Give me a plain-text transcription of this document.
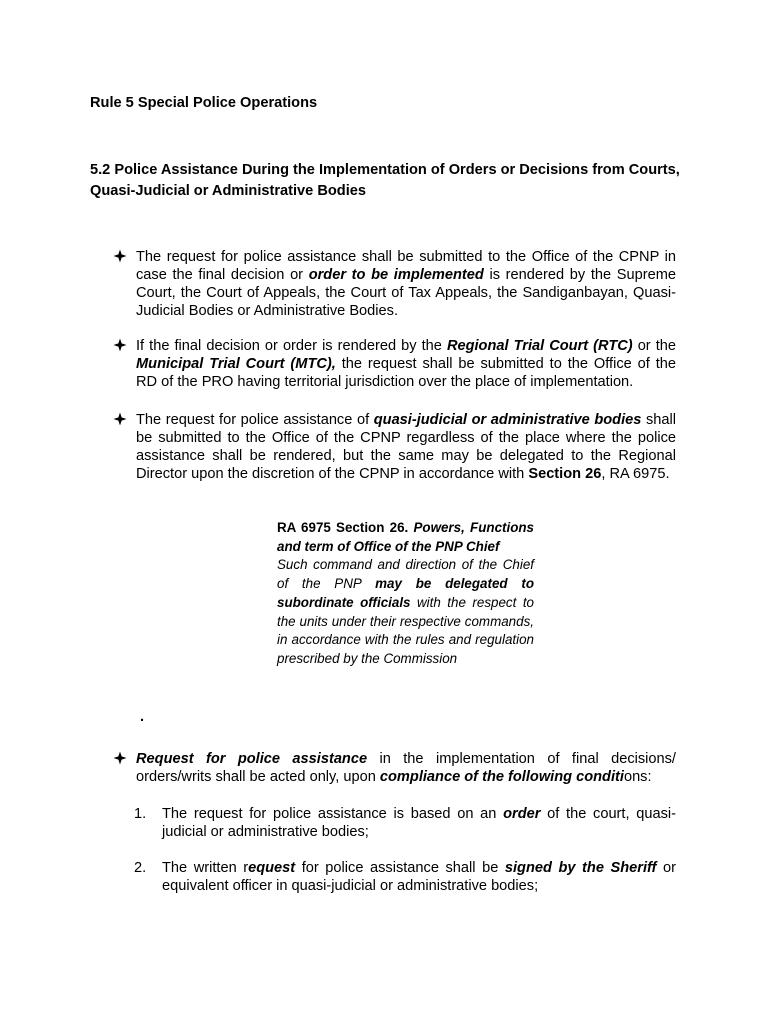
Rule 5 Special Police Operations
5.2 Police Assistance During the Implementation of Orders or Decisions from Courts, Quasi-Judicial or Administrative Bodies
The request for police assistance shall be submitted to the Office of the CPNP in case the final decision or order to be implemented is rendered by the Supreme Court, the Court of Appeals, the Court of Tax Appeals, the Sandiganbayan, Quasi- Judicial Bodies or Administrative Bodies.
If the final decision or order is rendered by the Regional Trial Court (RTC) or the Municipal Trial Court (MTC), the request shall be submitted to the Office of the RD of the PRO having territorial jurisdiction over the place of implementation.
The request for police assistance of quasi-judicial or administrative bodies shall be submitted to the Office of the CPNP regardless of the place where the police assistance shall be rendered, but the same may be delegated to the Regional Director upon the discretion of the CPNP in accordance with Section 26, RA 6975.
RA 6975 Section 26. Powers, Functions and term of Office of the PNP Chief
Such command and direction of the Chief of the PNP may be delegated to subordinate officials with the respect to the units under their respective commands, in accordance with the rules and regulation prescribed by the Commission
.
Request for police assistance in the implementation of final decisions/ orders/writs shall be acted only, upon compliance of the following conditions:
1. The request for police assistance is based on an order of the court, quasi-judicial or administrative bodies;
2. The written request for police assistance shall be signed by the Sheriff or equivalent officer in quasi-judicial or administrative bodies;
